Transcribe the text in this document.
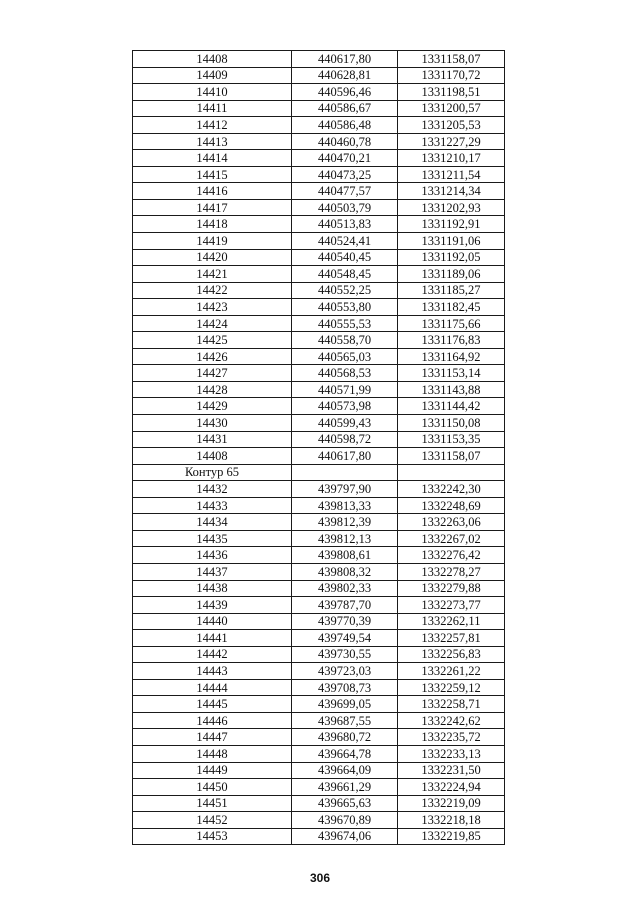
14408	440617,80	1331158,07
14409	440628,81	1331170,72
14410	440596,46	1331198,51
14411	440586,67	1331200,57
14412	440586,48	1331205,53
14413	440460,78	1331227,29
14414	440470,21	1331210,17
14415	440473,25	1331211,54
14416	440477,57	1331214,34
14417	440503,79	1331202,93
14418	440513,83	1331192,91
14419	440524,41	1331191,06
14420	440540,45	1331192,05
14421	440548,45	1331189,06
14422	440552,25	1331185,27
14423	440553,80	1331182,45
14424	440555,53	1331175,66
14425	440558,70	1331176,83
14426	440565,03	1331164,92
14427	440568,53	1331153,14
14428	440571,99	1331143,88
14429	440573,98	1331144,42
14430	440599,43	1331150,08
14431	440598,72	1331153,35
14408	440617,80	1331158,07
Контур 65		
14432	439797,90	1332242,30
14433	439813,33	1332248,69
14434	439812,39	1332263,06
14435	439812,13	1332267,02
14436	439808,61	1332276,42
14437	439808,32	1332278,27
14438	439802,33	1332279,88
14439	439787,70	1332273,77
14440	439770,39	1332262,11
14441	439749,54	1332257,81
14442	439730,55	1332256,83
14443	439723,03	1332261,22
14444	439708,73	1332259,12
14445	439699,05	1332258,71
14446	439687,55	1332242,62
14447	439680,72	1332235,72
14448	439664,78	1332233,13
14449	439664,09	1332231,50
14450	439661,29	1332224,94
14451	439665,63	1332219,09
14452	439670,89	1332218,18
14453	439674,06	1332219,85
306
